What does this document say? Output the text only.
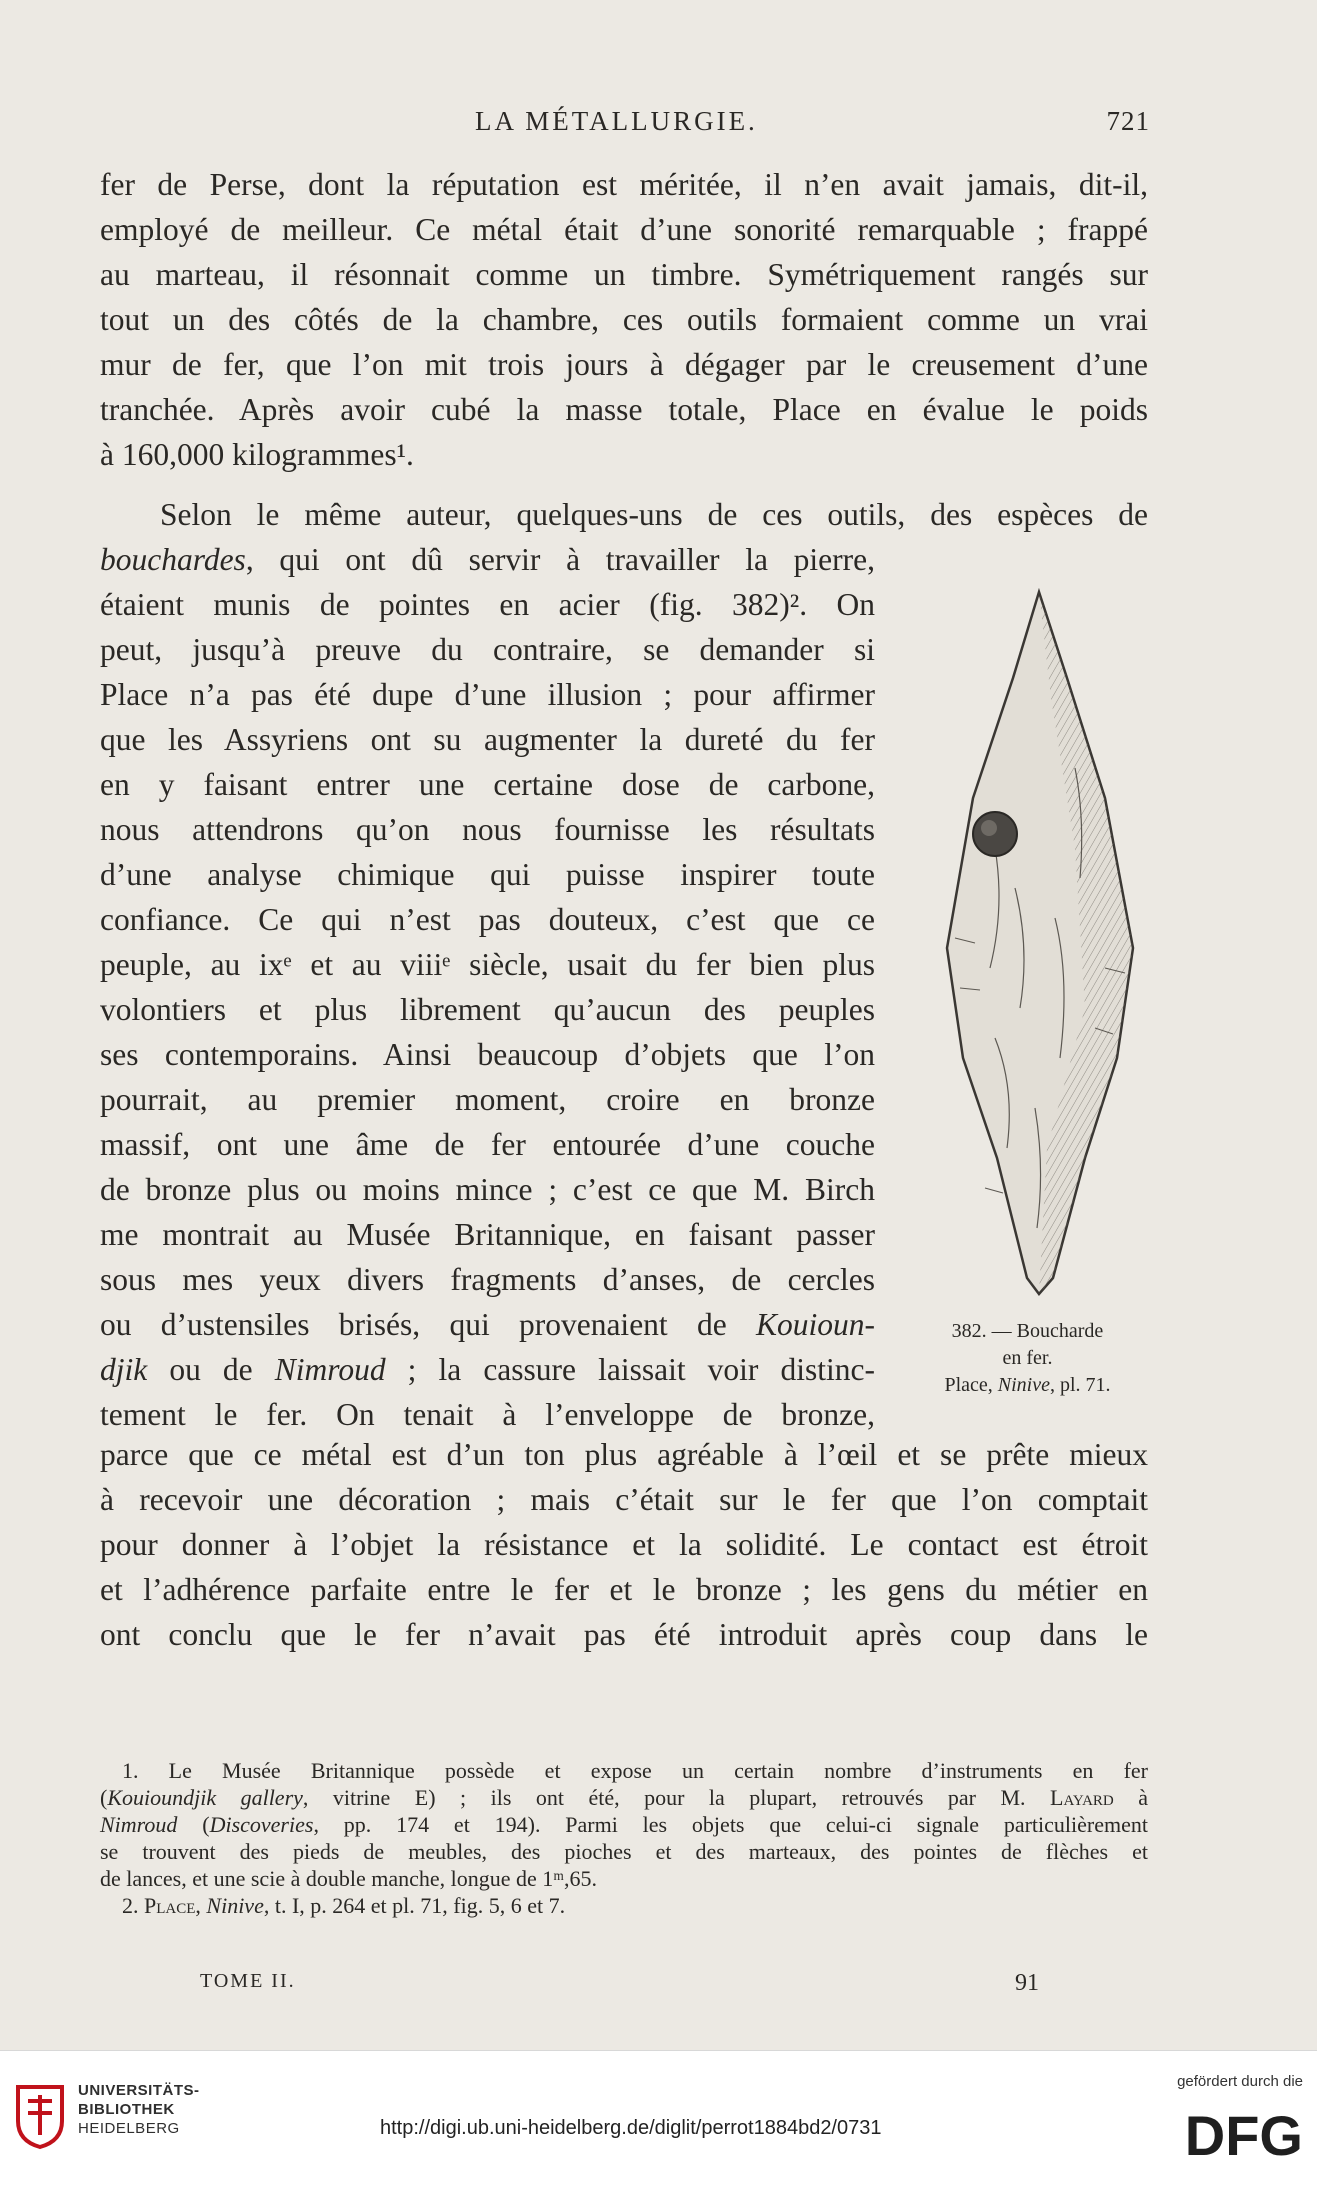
LA MÉTALLURGIE.	721
fer de Perse, dont la réputation est méritée, il n’en avait jamais, dit-il,
employé de meilleur. Ce métal était d’une sonorité remarquable ; frappé
au marteau, il résonnait comme un timbre. Symétriquement rangés sur
tout un des côtés de la chambre, ces outils formaient comme un vrai
mur de fer, que l’on mit trois jours à dégager par le creusement d’une
tranchée. Après avoir cubé la masse totale, Place en évalue le poids
à 160,000 kilogrammes¹.
Selon le même auteur, quelques-uns de ces outils, des espèces de
bouchardes, qui ont dû servir à travailler la pierre,
étaient munis de pointes en acier (fig. 382)². On
peut, jusqu’à preuve du contraire, se demander si
Place n’a pas été dupe d’une illusion ; pour affirmer
que les Assyriens ont su augmenter la dureté du fer
en y faisant entrer une certaine dose de carbone,
nous attendrons qu’on nous fournisse les résultats
d’une analyse chimique qui puisse inspirer toute
confiance. Ce qui n’est pas douteux, c’est que ce
peuple, au ixᵉ et au viiiᵉ siècle, usait du fer bien plus
volontiers et plus librement qu’aucun des peuples
ses contemporains. Ainsi beaucoup d’objets que l’on
pourrait, au premier moment, croire en bronze
massif, ont une âme de fer entourée d’une couche
de bronze plus ou moins mince ; c’est ce que M. Birch
me montrait au Musée Britannique, en faisant passer
sous mes yeux divers fragments d’anses, de cercles
ou d’ustensiles brisés, qui provenaient de Kouioun-
djik ou de Nimroud ; la cassure laissait voir distinc-
tement le fer. On tenait à l’enveloppe de bronze,
382. — Boucharde
en fer.
Place, Ninive, pl. 71.
parce que ce métal est d’un ton plus agréable à l’œil et se prête mieux
à recevoir une décoration ; mais c’était sur le fer que l’on comptait
pour donner à l’objet la résistance et la solidité. Le contact est étroit
et l’adhérence parfaite entre le fer et le bronze ; les gens du métier en
ont conclu que le fer n’avait pas été introduit après coup dans le
1. Le Musée Britannique possède et expose un certain nombre d’instruments en fer
(Kouioundjik gallery, vitrine E) ; ils ont été, pour la plupart, retrouvés par M. Layard à
Nimroud (Discoveries, pp. 174 et 194). Parmi les objets que celui-ci signale particulièrement
se trouvent des pieds de meubles, des pioches et des marteaux, des pointes de flèches et
de lances, et une scie à double manche, longue de 1ᵐ,65.
2. Place, Ninive, t. I, p. 264 et pl. 71, fig. 5, 6 et 7.
TOME II.	91
UNIVERSITÄTS-
BIBLIOTHEK
HEIDELBERG	http://digi.ub.uni-heidelberg.de/diglit/perrot1884bd2/0731
gefördert durch die
DFG
